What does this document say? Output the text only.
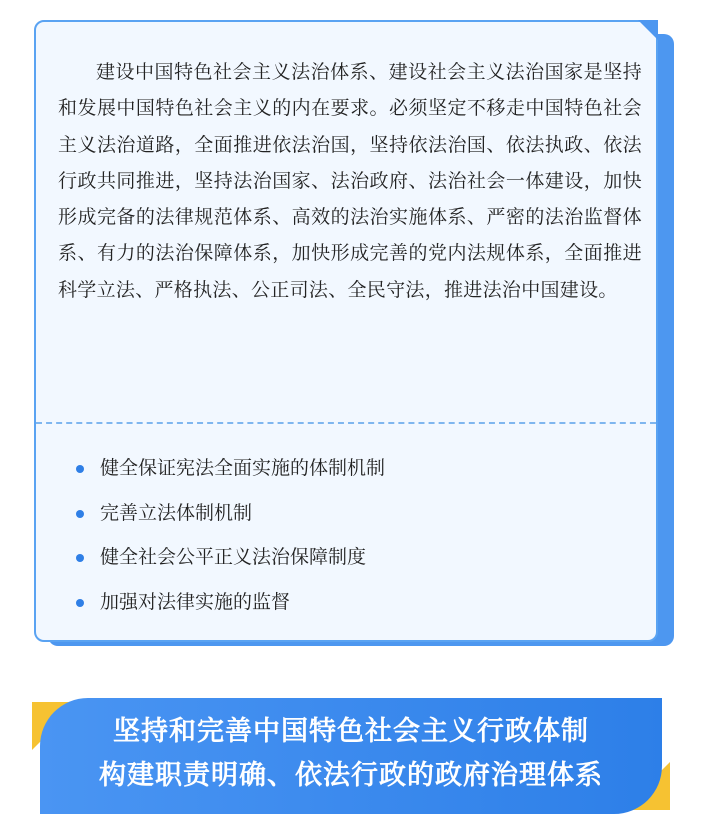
建设中国特色社会主义法治体系、建设社会主义法治国家是坚持和发展中国特色社会主义的内在要求。必须坚定不移走中国特色社会主义法治道路，全面推进依法治国，坚持依法治国、依法执政、依法行政共同推进，坚持法治国家、法治政府、法治社会一体建设，加快形成完备的法律规范体系、高效的法治实施体系、严密的法治监督体系、有力的法治保障体系，加快形成完善的党内法规体系，全面推进科学立法、严格执法、公正司法、全民守法，推进法治中国建设。

健全保证宪法全面实施的体制机制
完善立法体制机制
健全社会公平正义法治保障制度
加强对法律实施的监督
坚持和完善中国特色社会主义行政体制
构建职责明确、依法行政的政府治理体系
